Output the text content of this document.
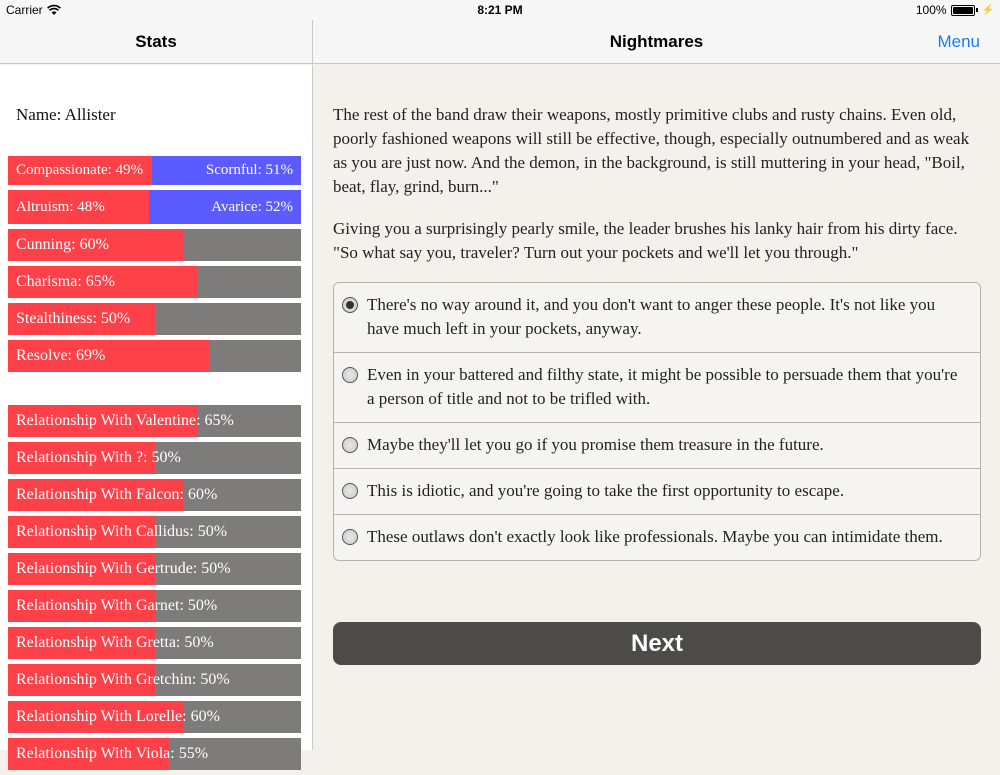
Carrier	8:21 PM	100%	⚡
Stats	Nightmares	Menu
Name: Allister
Compassionate: 49%	Scornful: 51%
Altruism: 48%	Avarice: 52%
Cunning: 60%
Charisma: 65%
Stealthiness: 50%
Resolve: 69%
Relationship With Valentine: 65%
Relationship With ?: 50%
Relationship With Falcon: 60%
Relationship With Callidus: 50%
Relationship With Gertrude: 50%
Relationship With Garnet: 50%
Relationship With Gretta: 50%
Relationship With Gretchin: 50%
Relationship With Lorelle: 60%
Relationship With Viola: 55%

The rest of the band draw their weapons, mostly primitive clubs and rusty chains. Even old, poorly fashioned weapons will still be effective, though, especially outnumbered and as weak as you are just now. And the demon, in the background, is still muttering in your head, "Boil, beat, flay, grind, burn..."

Giving you a surprisingly pearly smile, the leader brushes his lanky hair from his dirty face. "So what say you, traveler? Turn out your pockets and we'll let you through."

There's no way around it, and you don't want to anger these people. It's not like you have much left in your pockets, anyway.
Even in your battered and filthy state, it might be possible to persuade them that you're a person of title and not to be trifled with.
Maybe they'll let you go if you promise them treasure in the future.
This is idiotic, and you're going to take the first opportunity to escape.
These outlaws don't exactly look like professionals. Maybe you can intimidate them.
Next
